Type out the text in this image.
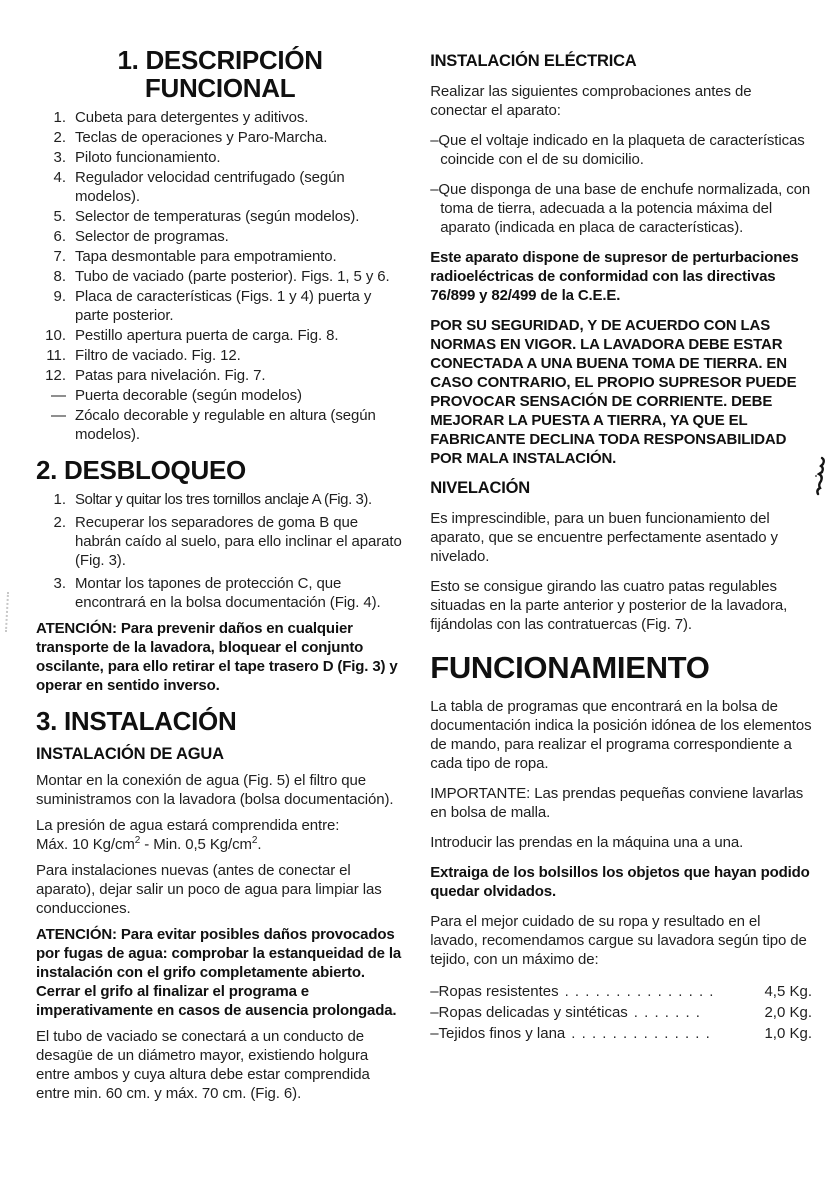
1. DESCRIPCIÓN
FUNCIONAL
1. Cubeta para detergentes y aditivos.
2. Teclas de operaciones y Paro-Marcha.
3. Piloto funcionamiento.
4. Regulador velocidad centrifugado (según modelos).
5. Selector de temperaturas (según modelos).
6. Selector de programas.
7. Tapa desmontable para empotramiento.
8. Tubo de vaciado (parte posterior). Figs. 1, 5 y 6.
9. Placa de características (Figs. 1 y 4) puerta y parte posterior.
10. Pestillo apertura puerta de carga. Fig. 8.
11. Filtro de vaciado. Fig. 12.
12. Patas para nivelación. Fig. 7.
— Puerta decorable (según modelos)
— Zócalo decorable y regulable en altura (según modelos).
2. DESBLOQUEO
1. Soltar y quitar los tres tornillos anclaje A (Fig. 3).
2. Recuperar los separadores de goma B que habrán caído al suelo, para ello inclinar el aparato (Fig. 3).
3. Montar los tapones de protección C, que encontrará en la bolsa documentación (Fig. 4).

ATENCIÓN: Para prevenir daños en cualquier transporte de la lavadora, bloquear el conjunto oscilante, para ello retirar el tape trasero D (Fig. 3) y operar en sentido inverso.

3. INSTALACIÓN
INSTALACIÓN DE AGUA

Montar en la conexión de agua (Fig. 5) el filtro que suministramos con la lavadora (bolsa documentación).

La presión de agua estará comprendida entre:
Máx. 10 $Kg/cm^2$ - Min. 0,5 $Kg/cm^2$.

Para instalaciones nuevas (antes de conectar el aparato), dejar salir un poco de agua para limpiar las conducciones.

ATENCIÓN: Para evitar posibles daños provocados por fugas de agua: comprobar la estanqueidad de la instalación con el grifo completamente abierto. Cerrar el grifo al finalizar el programa e imperativamente en casos de ausencia prolongada.

El tubo de vaciado se conectará a un conducto de desagüe de un diámetro mayor, existiendo holgura entre ambos y cuya altura debe estar comprendida entre min. 60 cm. y máx. 70 cm. (Fig. 6).

INSTALACIÓN ELÉCTRICA

Realizar las siguientes comprobaciones antes de conectar el aparato:

–Que el voltaje indicado en la plaqueta de características coincide con el de su domicilio.

–Que disponga de una base de enchufe normalizada, con toma de tierra, adecuada a la potencia máxima del aparato (indicada en placa de características).

Este aparato dispone de supresor de perturbaciones radioeléctricas de conformidad con las directivas 76/899 y 82/499 de la C.E.E.

POR SU SEGURIDAD, Y DE ACUERDO CON LAS NORMAS EN VIGOR. LA LAVADORA DEBE ESTAR CONECTADA A UNA BUENA TOMA DE TIERRA. EN CASO CONTRARIO, EL PROPIO SUPRESOR PUEDE PROVOCAR SENSACIÓN DE CORRIENTE. DEBE MEJORAR LA PUESTA A TIERRA, YA QUE EL FABRICANTE DECLINA TODA RESPONSABILIDAD POR MALA INSTALACIÓN.

NIVELACIÓN

Es imprescindible, para un buen funcionamiento del aparato, que se encuentre perfectamente asentado y nivelado.

Esto se consigue girando las cuatro patas regulables situadas en la parte anterior y posterior de la lavadora, fijándolas con las contratuercas (Fig. 7).

FUNCIONAMIENTO

La tabla de programas que encontrará en la bolsa de documentación indica la posición idónea de los elementos de mando, para realizar el programa correspondiente a cada tipo de ropa.

IMPORTANTE: Las prendas pequeñas conviene lavarlas en bolsa de malla.

Introducir las prendas en la máquina una a una.

Extraiga de los bolsillos los objetos que hayan podido quedar olvidados.

Para el mejor cuidado de su ropa y resultado en el lavado, recomendamos cargue su lavadora según tipo de tejido, con un máximo de:

–Ropas resistentes . . . . . . . . . . . . . . .	4,5 Kg.
–Ropas delicadas y sintéticas . . . . . . .	2,0 Kg.
–Tejidos finos y lana . . . . . . . . . . . . . .	1,0 Kg.
